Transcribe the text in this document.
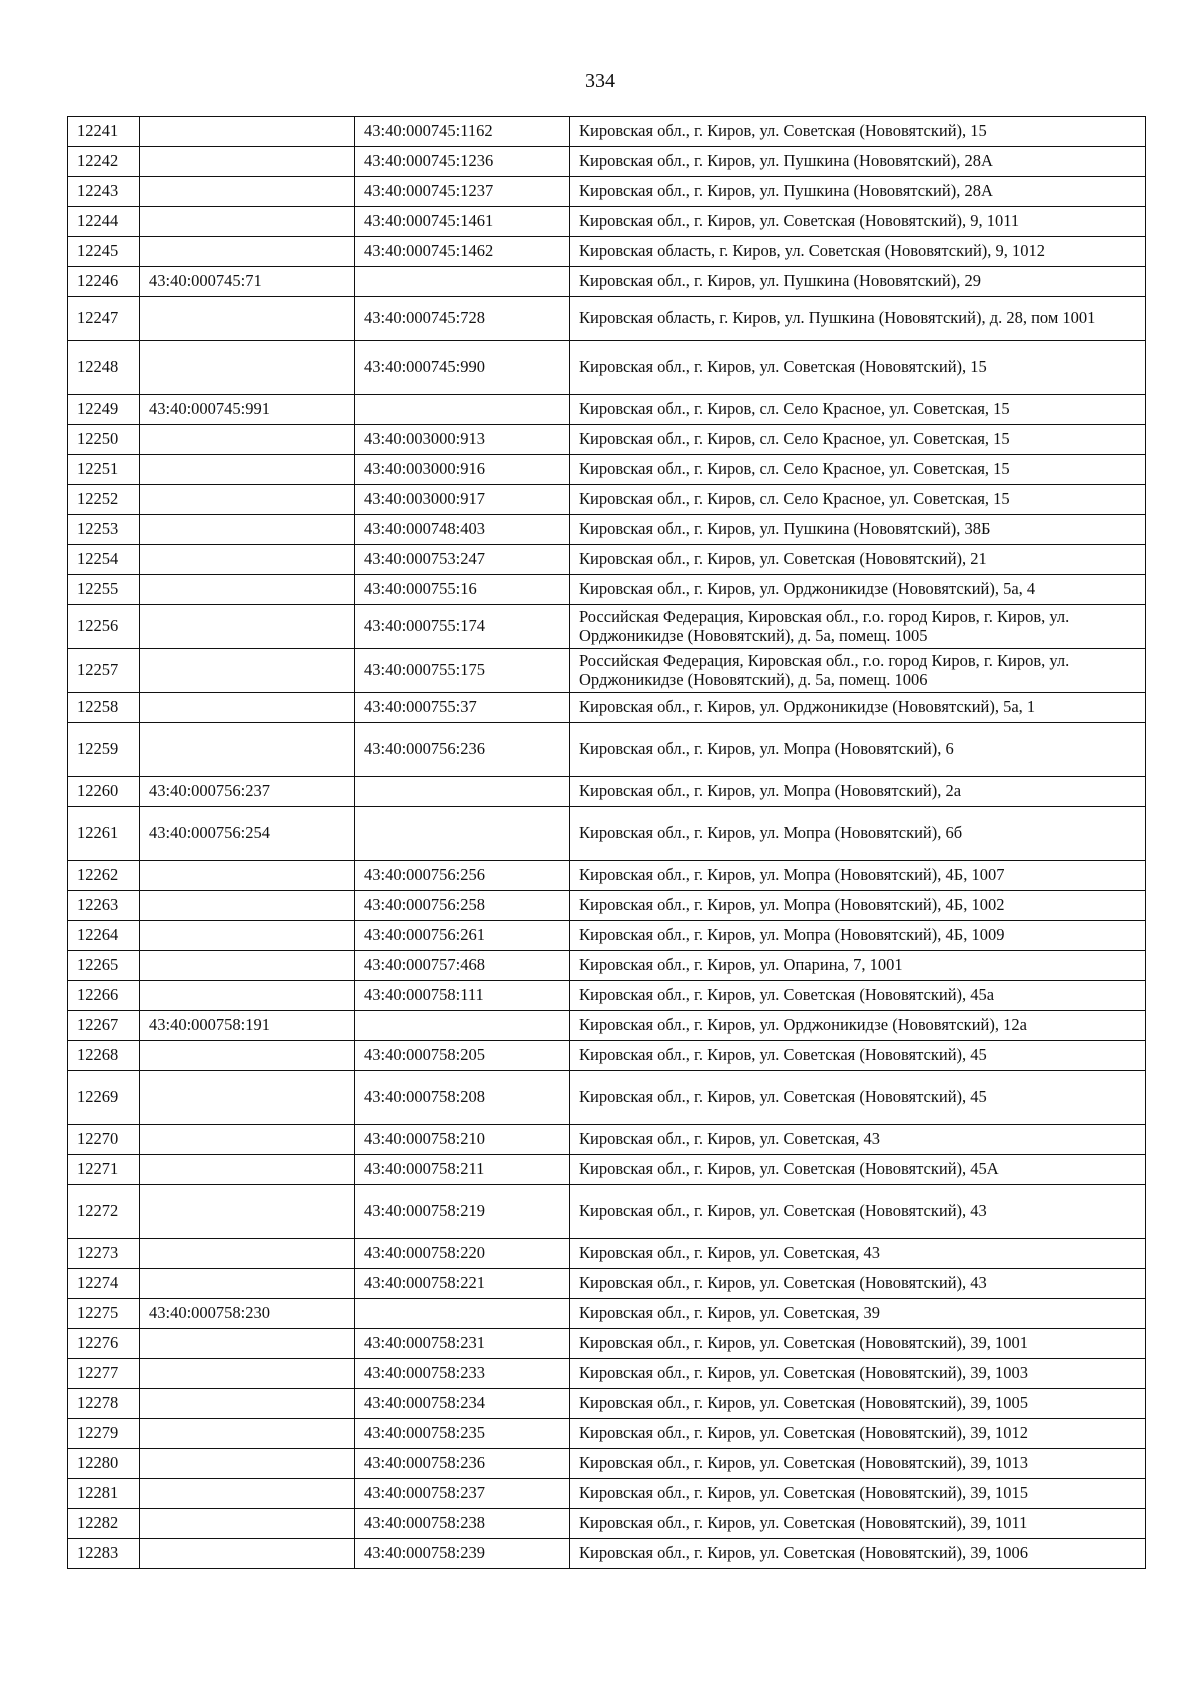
334
12241		43:40:000745:1162	Кировская обл., г. Киров, ул. Советская (Нововятский), 15
12242		43:40:000745:1236	Кировская обл., г. Киров, ул. Пушкина (Нововятский), 28А
12243		43:40:000745:1237	Кировская обл., г. Киров, ул. Пушкина (Нововятский), 28А
12244		43:40:000745:1461	Кировская обл., г. Киров, ул. Советская (Нововятский), 9, 1011
12245		43:40:000745:1462	Кировская область, г. Киров, ул. Советская (Нововятский), 9, 1012
12246	43:40:000745:71		Кировская обл., г. Киров, ул. Пушкина (Нововятский), 29
12247		43:40:000745:728	Кировская область, г. Киров, ул. Пушкина (Нововятский), д. 28, пом 1001
12248		43:40:000745:990	Кировская обл., г. Киров, ул. Советская (Нововятский), 15
12249	43:40:000745:991		Кировская обл., г. Киров, сл. Село Красное, ул. Советская, 15
12250		43:40:003000:913	Кировская обл., г. Киров, сл. Село Красное, ул. Советская, 15
12251		43:40:003000:916	Кировская обл., г. Киров, сл. Село Красное, ул. Советская, 15
12252		43:40:003000:917	Кировская обл., г. Киров, сл. Село Красное, ул. Советская, 15
12253		43:40:000748:403	Кировская обл., г. Киров, ул. Пушкина (Нововятский), 38Б
12254		43:40:000753:247	Кировская обл., г. Киров, ул. Советская (Нововятский), 21
12255		43:40:000755:16	Кировская обл., г. Киров, ул. Орджоникидзе (Нововятский), 5а, 4
12256		43:40:000755:174	Российская Федерация, Кировская обл., г.о. город Киров, г. Киров, ул. Орджоникидзе (Нововятский), д. 5а, помещ. 1005
12257		43:40:000755:175	Российская Федерация, Кировская обл., г.о. город Киров, г. Киров, ул. Орджоникидзе (Нововятский), д. 5а, помещ. 1006
12258		43:40:000755:37	Кировская обл., г. Киров, ул. Орджоникидзе (Нововятский), 5а, 1
12259		43:40:000756:236	Кировская обл., г. Киров, ул. Мопра (Нововятский), 6
12260	43:40:000756:237		Кировская обл., г. Киров, ул. Мопра (Нововятский), 2а
12261	43:40:000756:254		Кировская обл., г. Киров, ул. Мопра (Нововятский), 6б
12262		43:40:000756:256	Кировская обл., г. Киров, ул. Мопра (Нововятский), 4Б, 1007
12263		43:40:000756:258	Кировская обл., г. Киров, ул. Мопра (Нововятский), 4Б, 1002
12264		43:40:000756:261	Кировская обл., г. Киров, ул. Мопра (Нововятский), 4Б, 1009
12265		43:40:000757:468	Кировская обл., г. Киров, ул. Опарина, 7, 1001
12266		43:40:000758:111	Кировская обл., г. Киров, ул. Советская (Нововятский), 45а
12267	43:40:000758:191		Кировская обл., г. Киров, ул. Орджоникидзе (Нововятский), 12а
12268		43:40:000758:205	Кировская обл., г. Киров, ул. Советская (Нововятский), 45
12269		43:40:000758:208	Кировская обл., г. Киров, ул. Советская (Нововятский), 45
12270		43:40:000758:210	Кировская обл., г. Киров, ул. Советская, 43
12271		43:40:000758:211	Кировская обл., г. Киров, ул. Советская (Нововятский), 45А
12272		43:40:000758:219	Кировская обл., г. Киров, ул. Советская (Нововятский), 43
12273		43:40:000758:220	Кировская обл., г. Киров, ул. Советская, 43
12274		43:40:000758:221	Кировская обл., г. Киров, ул. Советская (Нововятский), 43
12275	43:40:000758:230		Кировская обл., г. Киров, ул. Советская, 39
12276		43:40:000758:231	Кировская обл., г. Киров, ул. Советская (Нововятский), 39, 1001
12277		43:40:000758:233	Кировская обл., г. Киров, ул. Советская (Нововятский), 39, 1003
12278		43:40:000758:234	Кировская обл., г. Киров, ул. Советская (Нововятский), 39, 1005
12279		43:40:000758:235	Кировская обл., г. Киров, ул. Советская (Нововятский), 39, 1012
12280		43:40:000758:236	Кировская обл., г. Киров, ул. Советская (Нововятский), 39, 1013
12281		43:40:000758:237	Кировская обл., г. Киров, ул. Советская (Нововятский), 39, 1015
12282		43:40:000758:238	Кировская обл., г. Киров, ул. Советская (Нововятский), 39, 1011
12283		43:40:000758:239	Кировская обл., г. Киров, ул. Советская (Нововятский), 39, 1006
